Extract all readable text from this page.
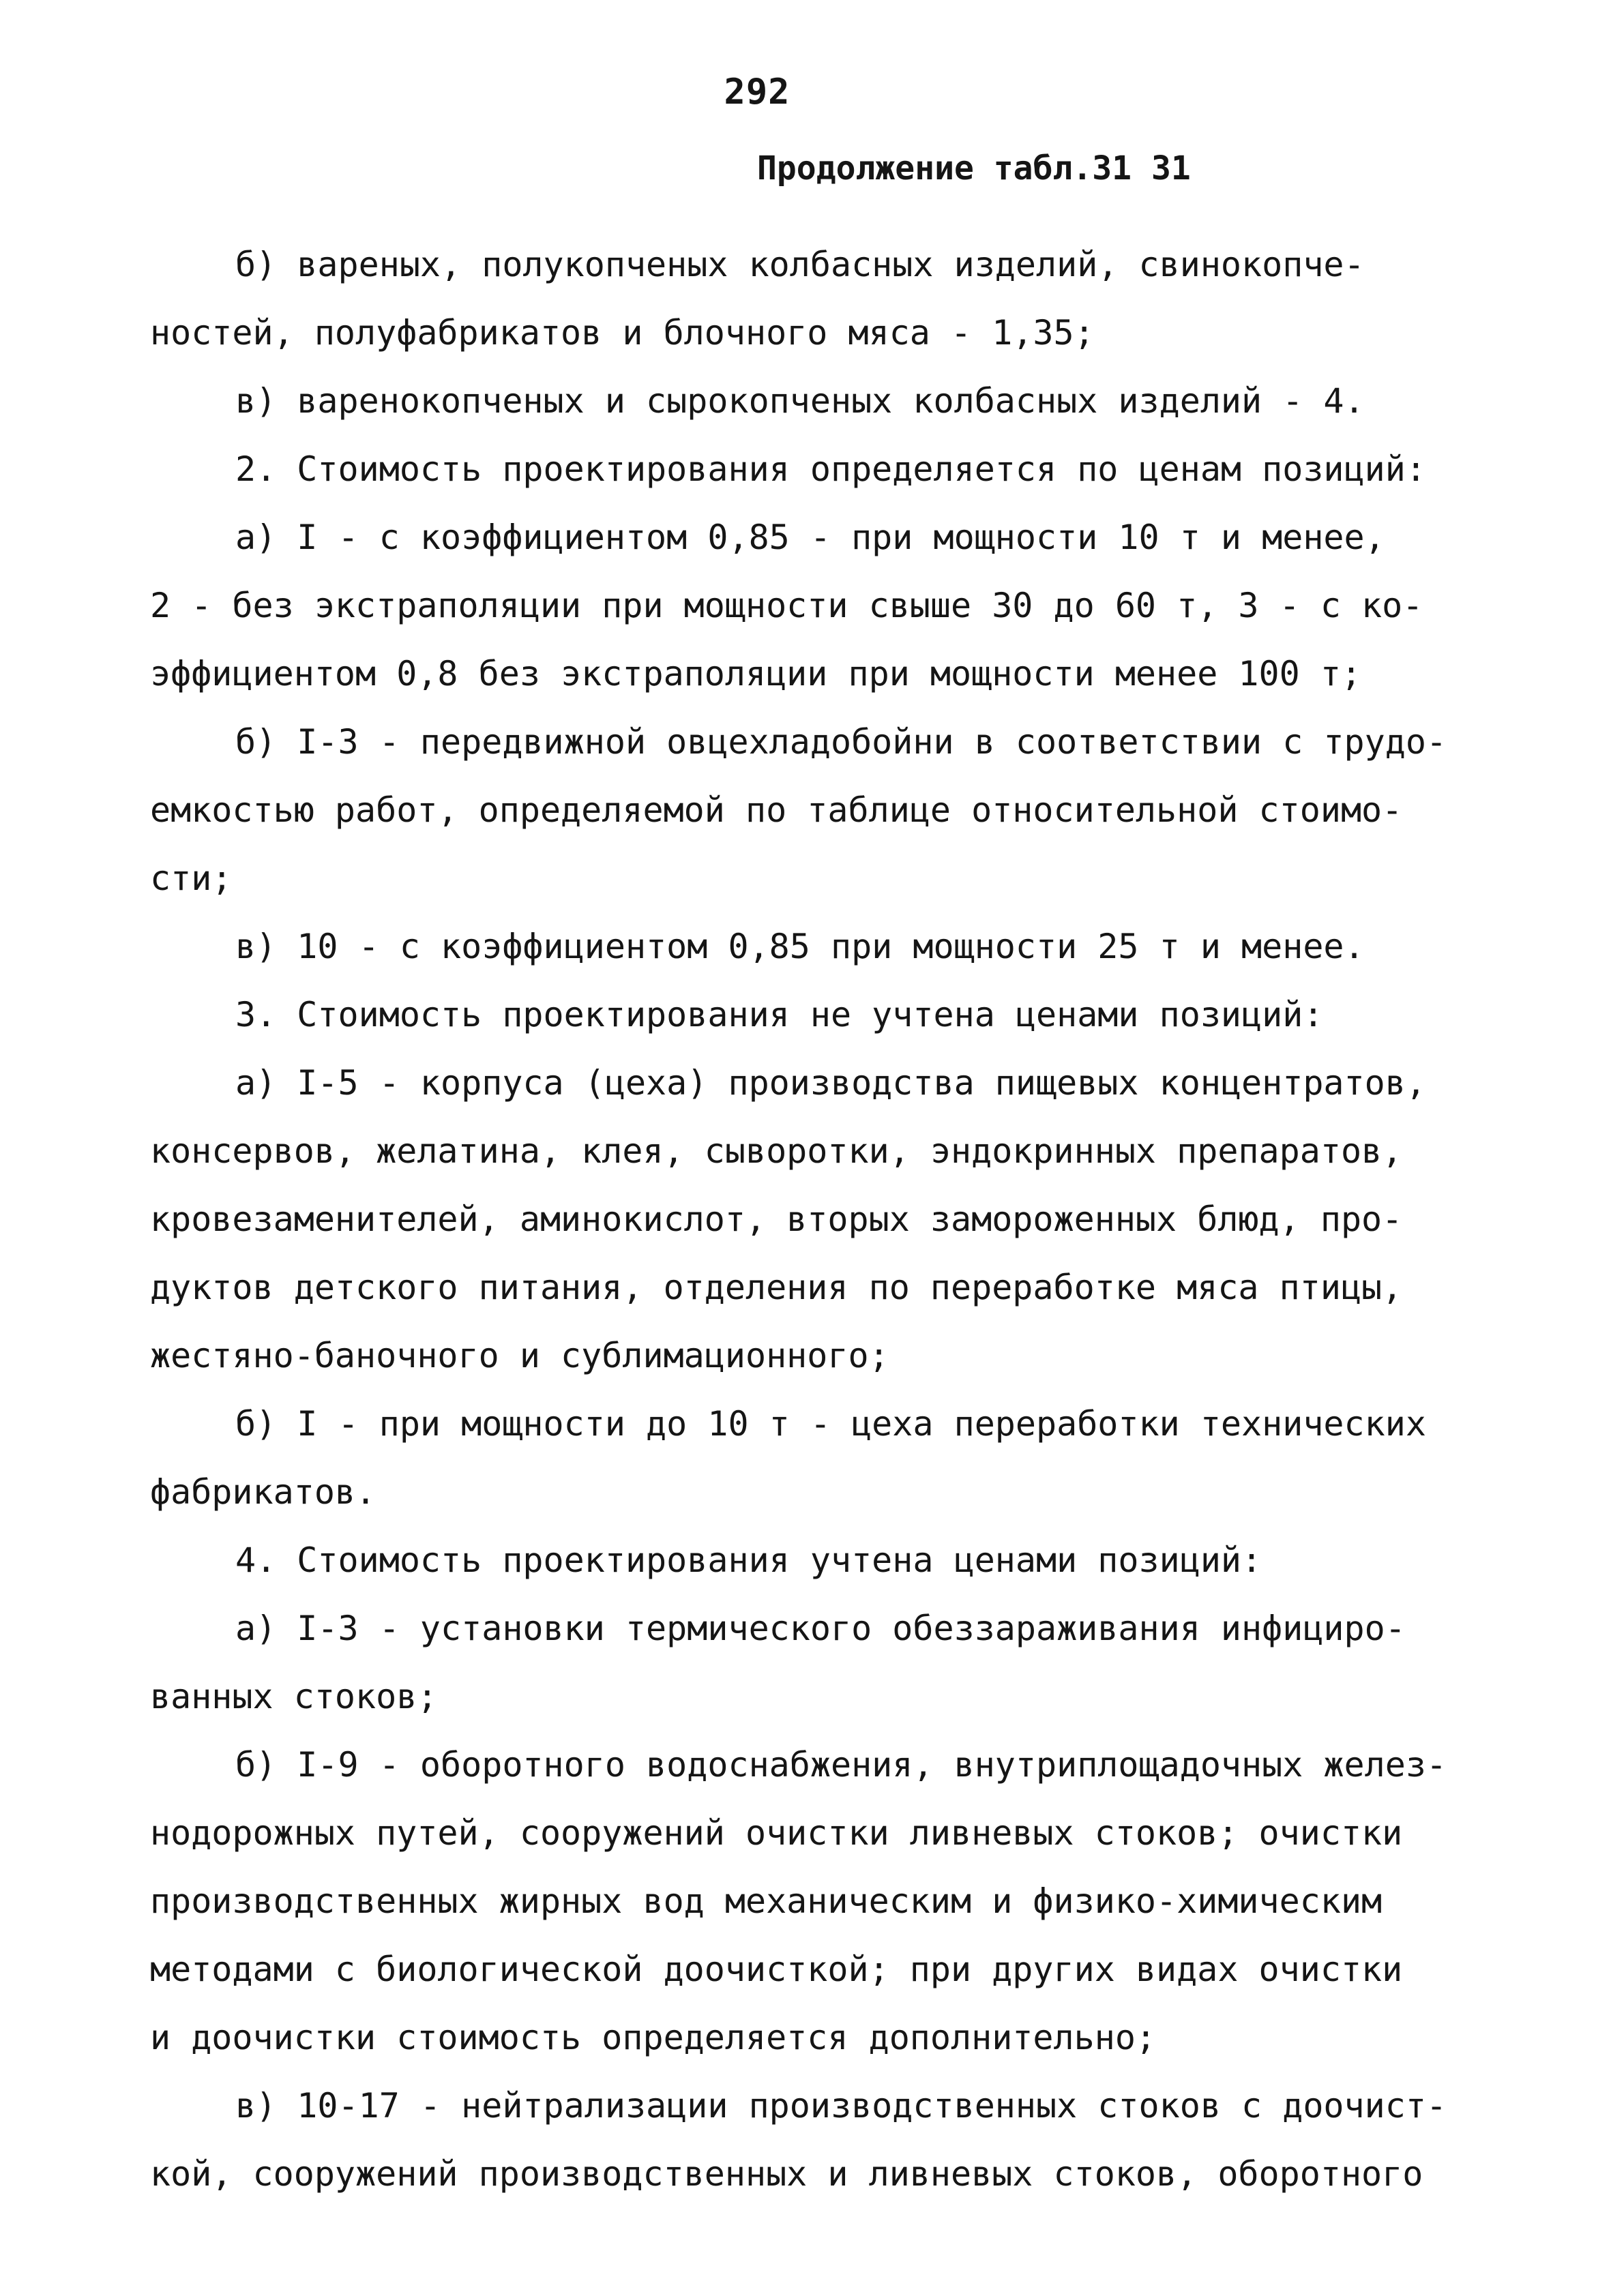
292
Продолжение табл.31 31
б) вареных, полукопченых колбасных изделий, свинокопче-
ностей, полуфабрикатов и блочного мяса - 1,35;
в) варенокопченых и сырокопченых колбасных изделий - 4.
2. Стоимость проектирования определяется по ценам позиций:
а) I - с коэффициентом 0,85 - при мощности 10 т и менее,
2 - без экстраполяции при мощности свыше 30 до 60 т, 3 - с ко-
эффициентом 0,8 без экстраполяции при мощности менее 100 т;
б) I-3 - передвижной овцехладобойни в соответствии с трудо-
емкостью работ, определяемой по таблице относительной стоимо-
сти;
в) 10 - с коэффициентом 0,85 при мощности 25 т и менее.
3. Стоимость проектирования не учтена ценами позиций:
а) I-5 - корпуса (цеха) производства пищевых концентратов,
консервов, желатина, клея, сыворотки, эндокринных препаратов,
кровезаменителей, аминокислот, вторых замороженных блюд, про-
дуктов детского питания, отделения по переработке мяса птицы,
жестяно-баночного и сублимационного;
б) I - при мощности до 10 т - цеха переработки технических
фабрикатов.
4. Стоимость проектирования учтена ценами позиций:
а) I-3 - установки термического обеззараживания инфициро-
ванных стоков;
б) I-9 - оборотного водоснабжения, внутриплощадочных желез-
нодорожных путей, сооружений очистки ливневых стоков; очистки
производственных жирных вод механическим и физико-химическим
методами с биологической доочисткой; при других видах очистки
и доочистки стоимость определяется дополнительно;
в) 10-17 - нейтрализации производственных стоков с доочист-
кой, сооружений производственных и ливневых стоков, оборотного
